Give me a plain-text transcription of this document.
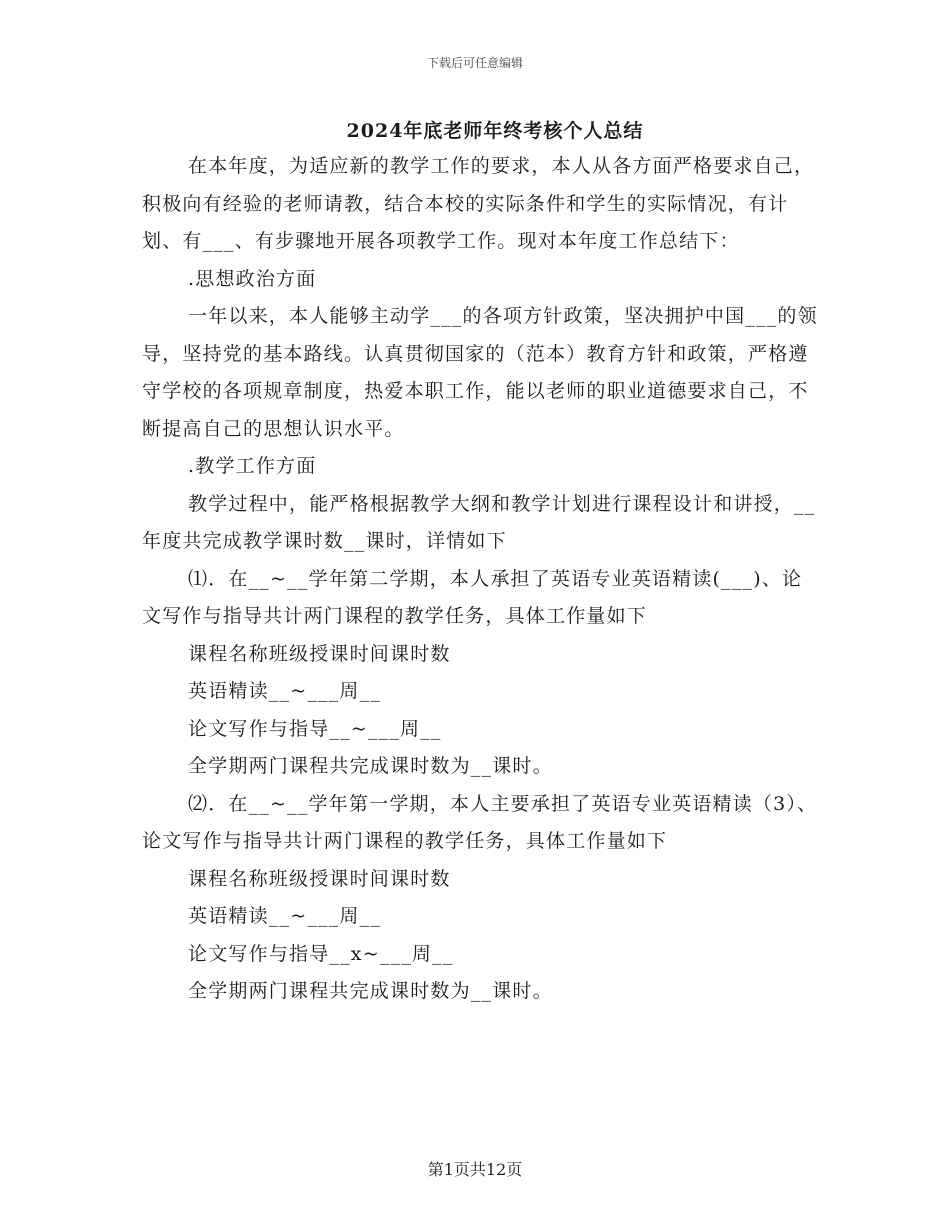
下载后可任意编辑
2024年底老师年终考核个人总结

在本年度，为适应新的教学工作的要求，本人从各方面严格要求自己，积极向有经验的老师请教，结合本校的实际条件和学生的实际情况，有计划、有___、有步骤地开展各项教学工作。现对本年度工作总结下：

.思想政治方面

一年以来，本人能够主动学___的各项方针政策，坚决拥护中国___的领导，坚持党的基本路线。认真贯彻国家的（范本）教育方针和政策，严格遵守学校的各项规章制度，热爱本职工作，能以老师的职业道德要求自己，不断提高自己的思想认识水平。

.教学工作方面

教学过程中，能严格根据教学大纲和教学计划进行课程设计和讲授，__年度共完成教学课时数__课时，详情如下

⑴．在__~__学年第二学期，本人承担了英语专业英语精读(___)、论文写作与指导共计两门课程的教学任务，具体工作量如下

课程名称班级授课时间课时数

英语精读__~___周__

论文写作与指导__~___周__

全学期两门课程共完成课时数为__课时。

⑵．在__~__学年第一学期，本人主要承担了英语专业英语精读（3）、论文写作与指导共计两门课程的教学任务，具体工作量如下

课程名称班级授课时间课时数

英语精读__~___周__

论文写作与指导__x~___周__

全学期两门课程共完成课时数为__课时。

第1页共12页
